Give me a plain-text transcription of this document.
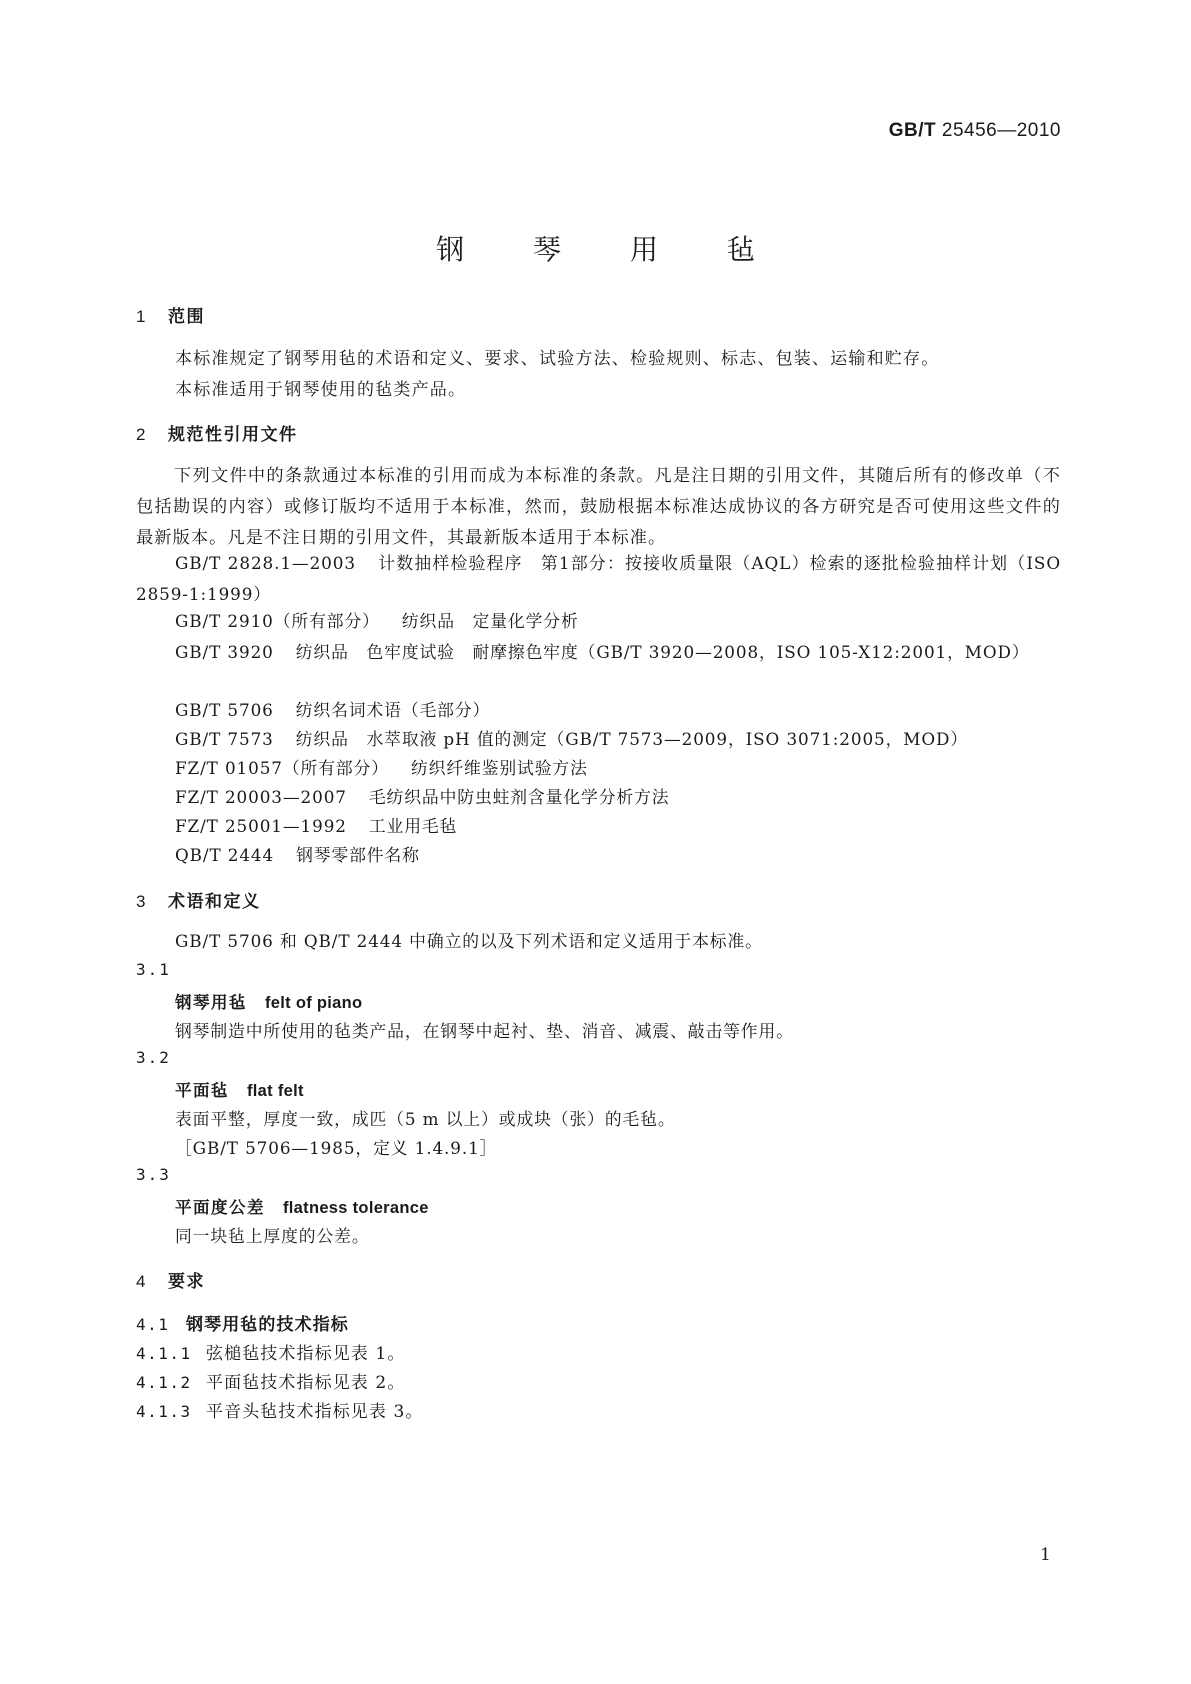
GB/T 25456—2010
钢 琴 用 毡
1 范围
本标准规定了钢琴用毡的术语和定义、要求、试验方法、检验规则、标志、包装、运输和贮存。
本标准适用于钢琴使用的毡类产品。
2 规范性引用文件
下列文件中的条款通过本标准的引用而成为本标准的条款。凡是注日期的引用文件，其随后所有的修改单（不包括勘误的内容）或修订版均不适用于本标准，然而，鼓励根据本标准达成协议的各方研究是否可使用这些文件的最新版本。凡是不注日期的引用文件，其最新版本适用于本标准。
GB/T 2828.1—2003 计数抽样检验程序　第1部分：按接收质量限（AQL）检索的逐批检验抽样计划（ISO 2859-1:1999）
GB/T 2910（所有部分） 纺织品　定量化学分析
GB/T 3920 纺织品　色牢度试验　耐摩擦色牢度（GB/T 3920—2008，ISO 105-X12:2001，MOD）
GB/T 5706 纺织名词术语（毛部分）
GB/T 7573 纺织品　水萃取液 pH 值的测定（GB/T 7573—2009，ISO 3071:2005，MOD）
FZ/T 01057（所有部分） 纺织纤维鉴别试验方法
FZ/T 20003—2007 毛纺织品中防虫蛀剂含量化学分析方法
FZ/T 25001—1992 工业用毛毡
QB/T 2444 钢琴零部件名称
3 术语和定义
GB/T 5706 和 QB/T 2444 中确立的以及下列术语和定义适用于本标准。
3.1
钢琴用毡 felt of piano
钢琴制造中所使用的毡类产品，在钢琴中起衬、垫、消音、减震、敲击等作用。
3.2
平面毡 flat felt
表面平整，厚度一致，成匹（5 m 以上）或成块（张）的毛毡。
［GB/T 5706—1985，定义 1.4.9.1］
3.3
平面度公差 flatness tolerance
同一块毡上厚度的公差。
4 要求
4.1 钢琴用毡的技术指标
4.1.1 弦槌毡技术指标见表 1。
4.1.2 平面毡技术指标见表 2。
4.1.3 平音头毡技术指标见表 3。
1
